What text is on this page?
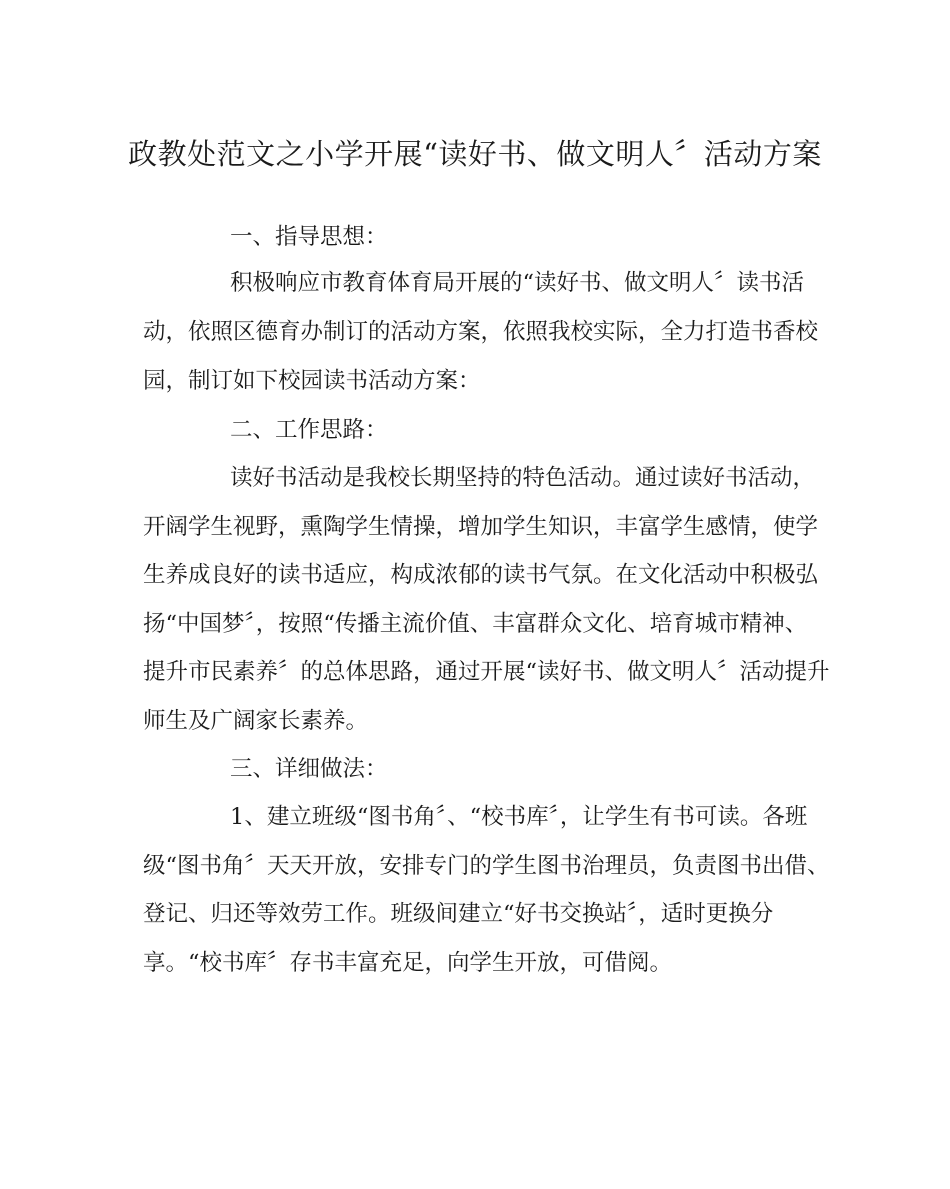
政教处范文之小学开展“读好书、做文明人〞活动方案
一、指导思想：
积极响应市教育体育局开展的“读好书、做文明人〞读书活
动，依照区德育办制订的活动方案，依照我校实际，全力打造书香校
园，制订如下校园读书活动方案：
二、工作思路：
读好书活动是我校长期坚持的特色活动。通过读好书活动，
开阔学生视野，熏陶学生情操，增加学生知识，丰富学生感情，使学
生养成良好的读书适应，构成浓郁的读书气氛。在文化活动中积极弘
扬“中国梦〞，按照“传播主流价值、丰富群众文化、培育城市精神、
提升市民素养〞的总体思路，通过开展“读好书、做文明人〞活动提升
师生及广阔家长素养。
三、详细做法：
1、建立班级“图书角〞、“校书库〞，让学生有书可读。各班
级“图书角〞天天开放，安排专门的学生图书治理员，负责图书出借、
登记、归还等效劳工作。班级间建立“好书交换站〞，适时更换分
享。“校书库〞存书丰富充足，向学生开放，可借阅。
